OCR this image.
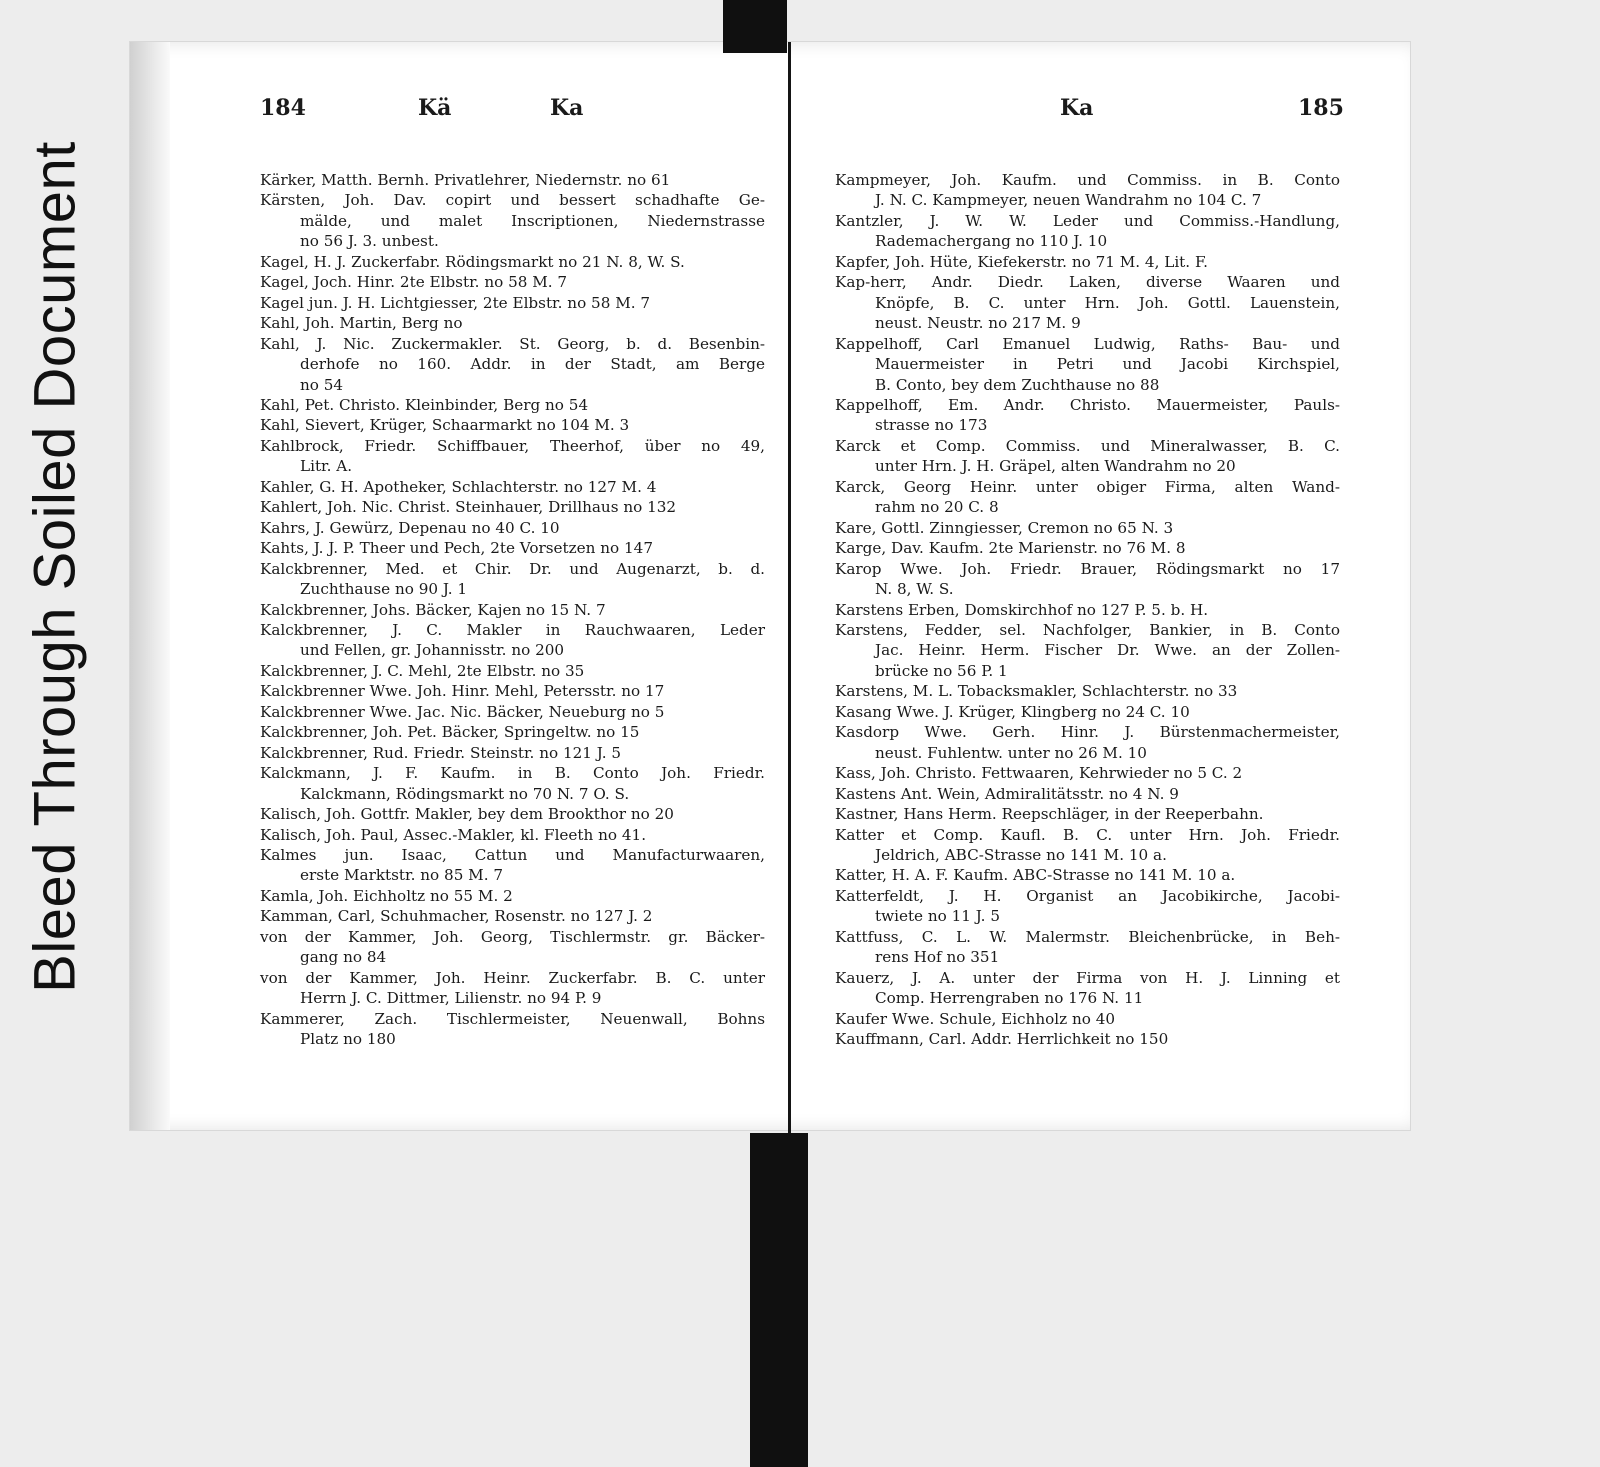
Bleed Through Soiled Document
184	Kä	Ka
Kärker, Matth. Bernh. Privatlehrer, Niedernstr. no 61
Kärsten, Joh. Dav. copirt und bessert schadhafte Ge-
mälde, und malet Inscriptionen, Niedernstrasse
no 56 J. 3. unbest.
Kagel, H. J. Zuckerfabr. Rödingsmarkt no 21 N. 8, W. S.
Kagel, Joch. Hinr. 2te Elbstr. no 58 M. 7
Kagel jun. J. H. Lichtgiesser, 2te Elbstr. no 58 M. 7
Kahl, Joh. Martin, Berg no
Kahl, J. Nic. Zuckermakler. St. Georg, b. d. Besenbin-
derhofe no 160. Addr. in der Stadt, am Berge
no 54
Kahl, Pet. Christo. Kleinbinder, Berg no 54
Kahl, Sievert, Krüger, Schaarmarkt no 104 M. 3
Kahlbrock, Friedr. Schiffbauer, Theerhof, über no 49,
Litr. A.
Kahler, G. H. Apotheker, Schlachterstr. no 127 M. 4
Kahlert, Joh. Nic. Christ. Steinhauer, Drillhaus no 132
Kahrs, J. Gewürz, Depenau no 40 C. 10
Kahts, J. J. P. Theer und Pech, 2te Vorsetzen no 147
Kalckbrenner, Med. et Chir. Dr. und Augenarzt, b. d.
Zuchthause no 90 J. 1
Kalckbrenner, Johs. Bäcker, Kajen no 15 N. 7
Kalckbrenner, J. C. Makler in Rauchwaaren, Leder
und Fellen, gr. Johannisstr. no 200
Kalckbrenner, J. C. Mehl, 2te Elbstr. no 35
Kalckbrenner Wwe. Joh. Hinr. Mehl, Petersstr. no 17
Kalckbrenner Wwe. Jac. Nic. Bäcker, Neueburg no 5
Kalckbrenner, Joh. Pet. Bäcker, Springeltw. no 15
Kalckbrenner, Rud. Friedr. Steinstr. no 121 J. 5
Kalckmann, J. F. Kaufm. in B. Conto Joh. Friedr.
Kalckmann, Rödingsmarkt no 70 N. 7 O. S.
Kalisch, Joh. Gottfr. Makler, bey dem Brookthor no 20
Kalisch, Joh. Paul, Assec.-Makler, kl. Fleeth no 41.
Kalmes jun. Isaac, Cattun und Manufacturwaaren,
erste Marktstr. no 85 M. 7
Kamla, Joh. Eichholtz no 55 M. 2
Kamman, Carl, Schuhmacher, Rosenstr. no 127 J. 2
von der Kammer, Joh. Georg, Tischlermstr. gr. Bäcker-
gang no 84
von der Kammer, Joh. Heinr. Zuckerfabr. B. C. unter
Herrn J. C. Dittmer, Lilienstr. no 94 P. 9
Kammerer, Zach. Tischlermeister, Neuenwall, Bohns
Platz no 180
Ka	185
Kampmeyer, Joh. Kaufm. und Commiss. in B. Conto
J. N. C. Kampmeyer, neuen Wandrahm no 104 C. 7
Kantzler, J. W. W. Leder und Commiss.-Handlung,
Rademachergang no 110 J. 10
Kapfer, Joh. Hüte, Kiefekerstr. no 71 M. 4, Lit. F.
Kap-herr, Andr. Diedr. Laken, diverse Waaren und
Knöpfe, B. C. unter Hrn. Joh. Gottl. Lauenstein,
neust. Neustr. no 217 M. 9
Kappelhoff, Carl Emanuel Ludwig, Raths- Bau- und
Mauermeister in Petri und Jacobi Kirchspiel,
B. Conto, bey dem Zuchthause no 88
Kappelhoff, Em. Andr. Christo. Mauermeister, Pauls-
strasse no 173
Karck et Comp. Commiss. und Mineralwasser, B. C.
unter Hrn. J. H. Gräpel, alten Wandrahm no 20
Karck, Georg Heinr. unter obiger Firma, alten Wand-
rahm no 20 C. 8
Kare, Gottl. Zinngiesser, Cremon no 65 N. 3
Karge, Dav. Kaufm. 2te Marienstr. no 76 M. 8
Karop Wwe. Joh. Friedr. Brauer, Rödingsmarkt no 17
N. 8, W. S.
Karstens Erben, Domskirchhof no 127 P. 5. b. H.
Karstens, Fedder, sel. Nachfolger, Bankier, in B. Conto
Jac. Heinr. Herm. Fischer Dr. Wwe. an der Zollen-
brücke no 56 P. 1
Karstens, M. L. Tobacksmakler, Schlachterstr. no 33
Kasang Wwe. J. Krüger, Klingberg no 24 C. 10
Kasdorp Wwe. Gerh. Hinr. J. Bürstenmachermeister,
neust. Fuhlentw. unter no 26 M. 10
Kass, Joh. Christo. Fettwaaren, Kehrwieder no 5 C. 2
Kastens Ant. Wein, Admiralitätsstr. no 4 N. 9
Kastner, Hans Herm. Reepschläger, in der Reeperbahn.
Katter et Comp. Kaufl. B. C. unter Hrn. Joh. Friedr.
Jeldrich, ABC-Strasse no 141 M. 10 a.
Katter, H. A. F. Kaufm. ABC-Strasse no 141 M. 10 a.
Katterfeldt, J. H. Organist an Jacobikirche, Jacobi-
twiete no 11 J. 5
Kattfuss, C. L. W. Malermstr. Bleichenbrücke, in Beh-
rens Hof no 351
Kauerz, J. A. unter der Firma von H. J. Linning et
Comp. Herrengraben no 176 N. 11
Kaufer Wwe. Schule, Eichholz no 40
Kauffmann, Carl. Addr. Herrlichkeit no 150
